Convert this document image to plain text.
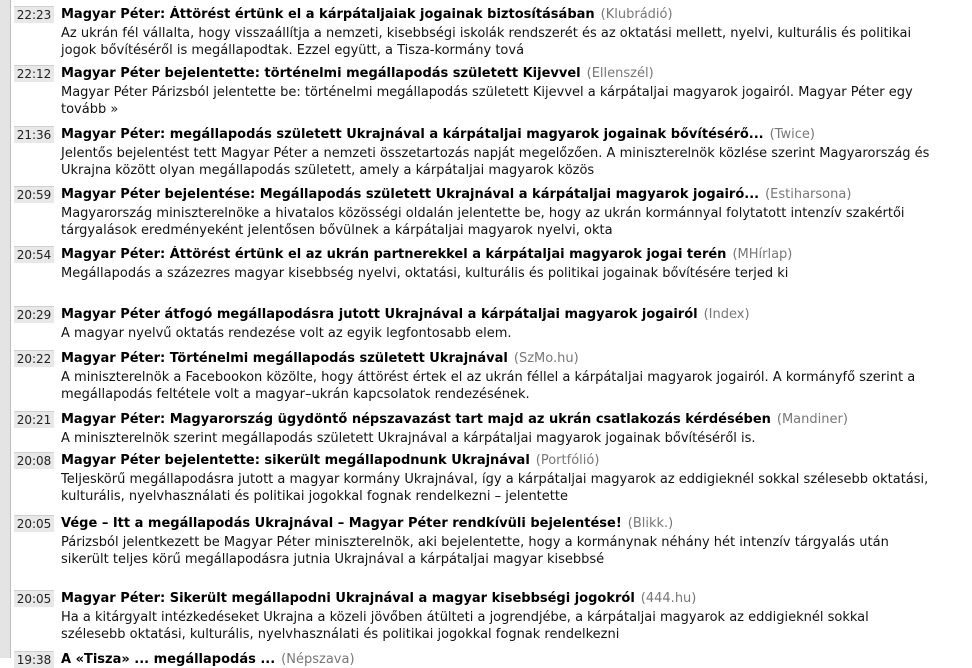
22:23 Magyar Péter: Áttörést értünk el a kárpátaljaiak jogainak biztosításában (Klubrádió)
Az ukrán fél vállalta, hogy visszaállítja a nemzeti, kisebbségi iskolák rendszerét és az oktatási mellett, nyelvi, kulturális és politikai jogok bővítéséről is megállapodtak. Ezzel együtt, a Tisza-kormány tová
22:12 Magyar Péter bejelentette: történelmi megállapodás született Kijevvel (Ellenszél)
Magyar Péter Párizsból jelentette be: történelmi megállapodás született Kijevvel a kárpátaljai magyarok jogairól. Magyar Péter egy tovább »
21:36 Magyar Péter: megállapodás született Ukrajnával a kárpátaljai magyarok jogainak bővítésérő... (Twice)
Jelentős bejelentést tett Magyar Péter a nemzeti összetartozás napját megelőzően. A miniszterelnök közlése szerint Magyarország és Ukrajna között olyan megállapodás született, amely a kárpátaljai magyarok közös
20:59 Magyar Péter bejelentése: Megállapodás született Ukrajnával a kárpátaljai magyarok jogairó... (Estiharsona)
Magyarország miniszterelnöke a hivatalos közösségi oldalán jelentette be, hogy az ukrán kormánnyal folytatott intenzív szakértői tárgyalások eredményeként jelentősen bővülnek a kárpátaljai magyarok nyelvi, okta
20:54 Magyar Péter: Áttörést értünk el az ukrán partnerekkel a kárpátaljai magyarok jogai terén (MHírlap)
Megállapodás a százezres magyar kisebbség nyelvi, oktatási, kulturális és politikai jogainak bővítésére terjed ki
20:29 Magyar Péter átfogó megállapodásra jutott Ukrajnával a kárpátaljai magyarok jogairól (Index)
A magyar nyelvű oktatás rendezése volt az egyik legfontosabb elem.
20:22 Magyar Péter: Történelmi megállapodás született Ukrajnával (SzMo.hu)
A miniszterelnök a Facebookon közölte, hogy áttörést értek el az ukrán féllel a kárpátaljai magyarok jogairól. A kormányfő szerint a megállapodás feltétele volt a magyar–ukrán kapcsolatok rendezésének.
20:21 Magyar Péter: Magyarország ügydöntő népszavazást tart majd az ukrán csatlakozás kérdésében (Mandiner)
A miniszterelnök szerint megállapodás született Ukrajnával a kárpátaljai magyarok jogainak bővítéséről is.
20:08 Magyar Péter bejelentette: sikerült megállapodnunk Ukrajnával (Portfólió)
Teljeskörű megállapodásra jutott a magyar kormány Ukrajnával, így a kárpátaljai magyarok az eddigieknél sokkal szélesebb oktatási, kulturális, nyelvhasználati és politikai jogokkal fognak rendelkezni – jelentette
20:05 Vége – Itt a megállapodás Ukrajnával – Magyar Péter rendkívüli bejelentése! (Blikk.)
Párizsból jelentkezett be Magyar Péter miniszterelnök, aki bejelentette, hogy a kormánynak néhány hét intenzív tárgyalás után sikerült teljes körű megállapodásra jutnia Ukrajnával a kárpátaljai magyar kisebbsé
20:05 Magyar Péter: Sikerült megállapodni Ukrajnával a magyar kisebbségi jogokról (444.hu)
Ha a kitárgyalt intézkedéseket Ukrajna a közeli jövőben átülteti a jogrendjébe, a kárpátaljai magyarok az eddigieknél sokkal szélesebb oktatási, kulturális, nyelvhasználati és politikai jogokkal fognak rendelkezni
19:38 A «Tisza» ... megállapodás ... (Népszava)
